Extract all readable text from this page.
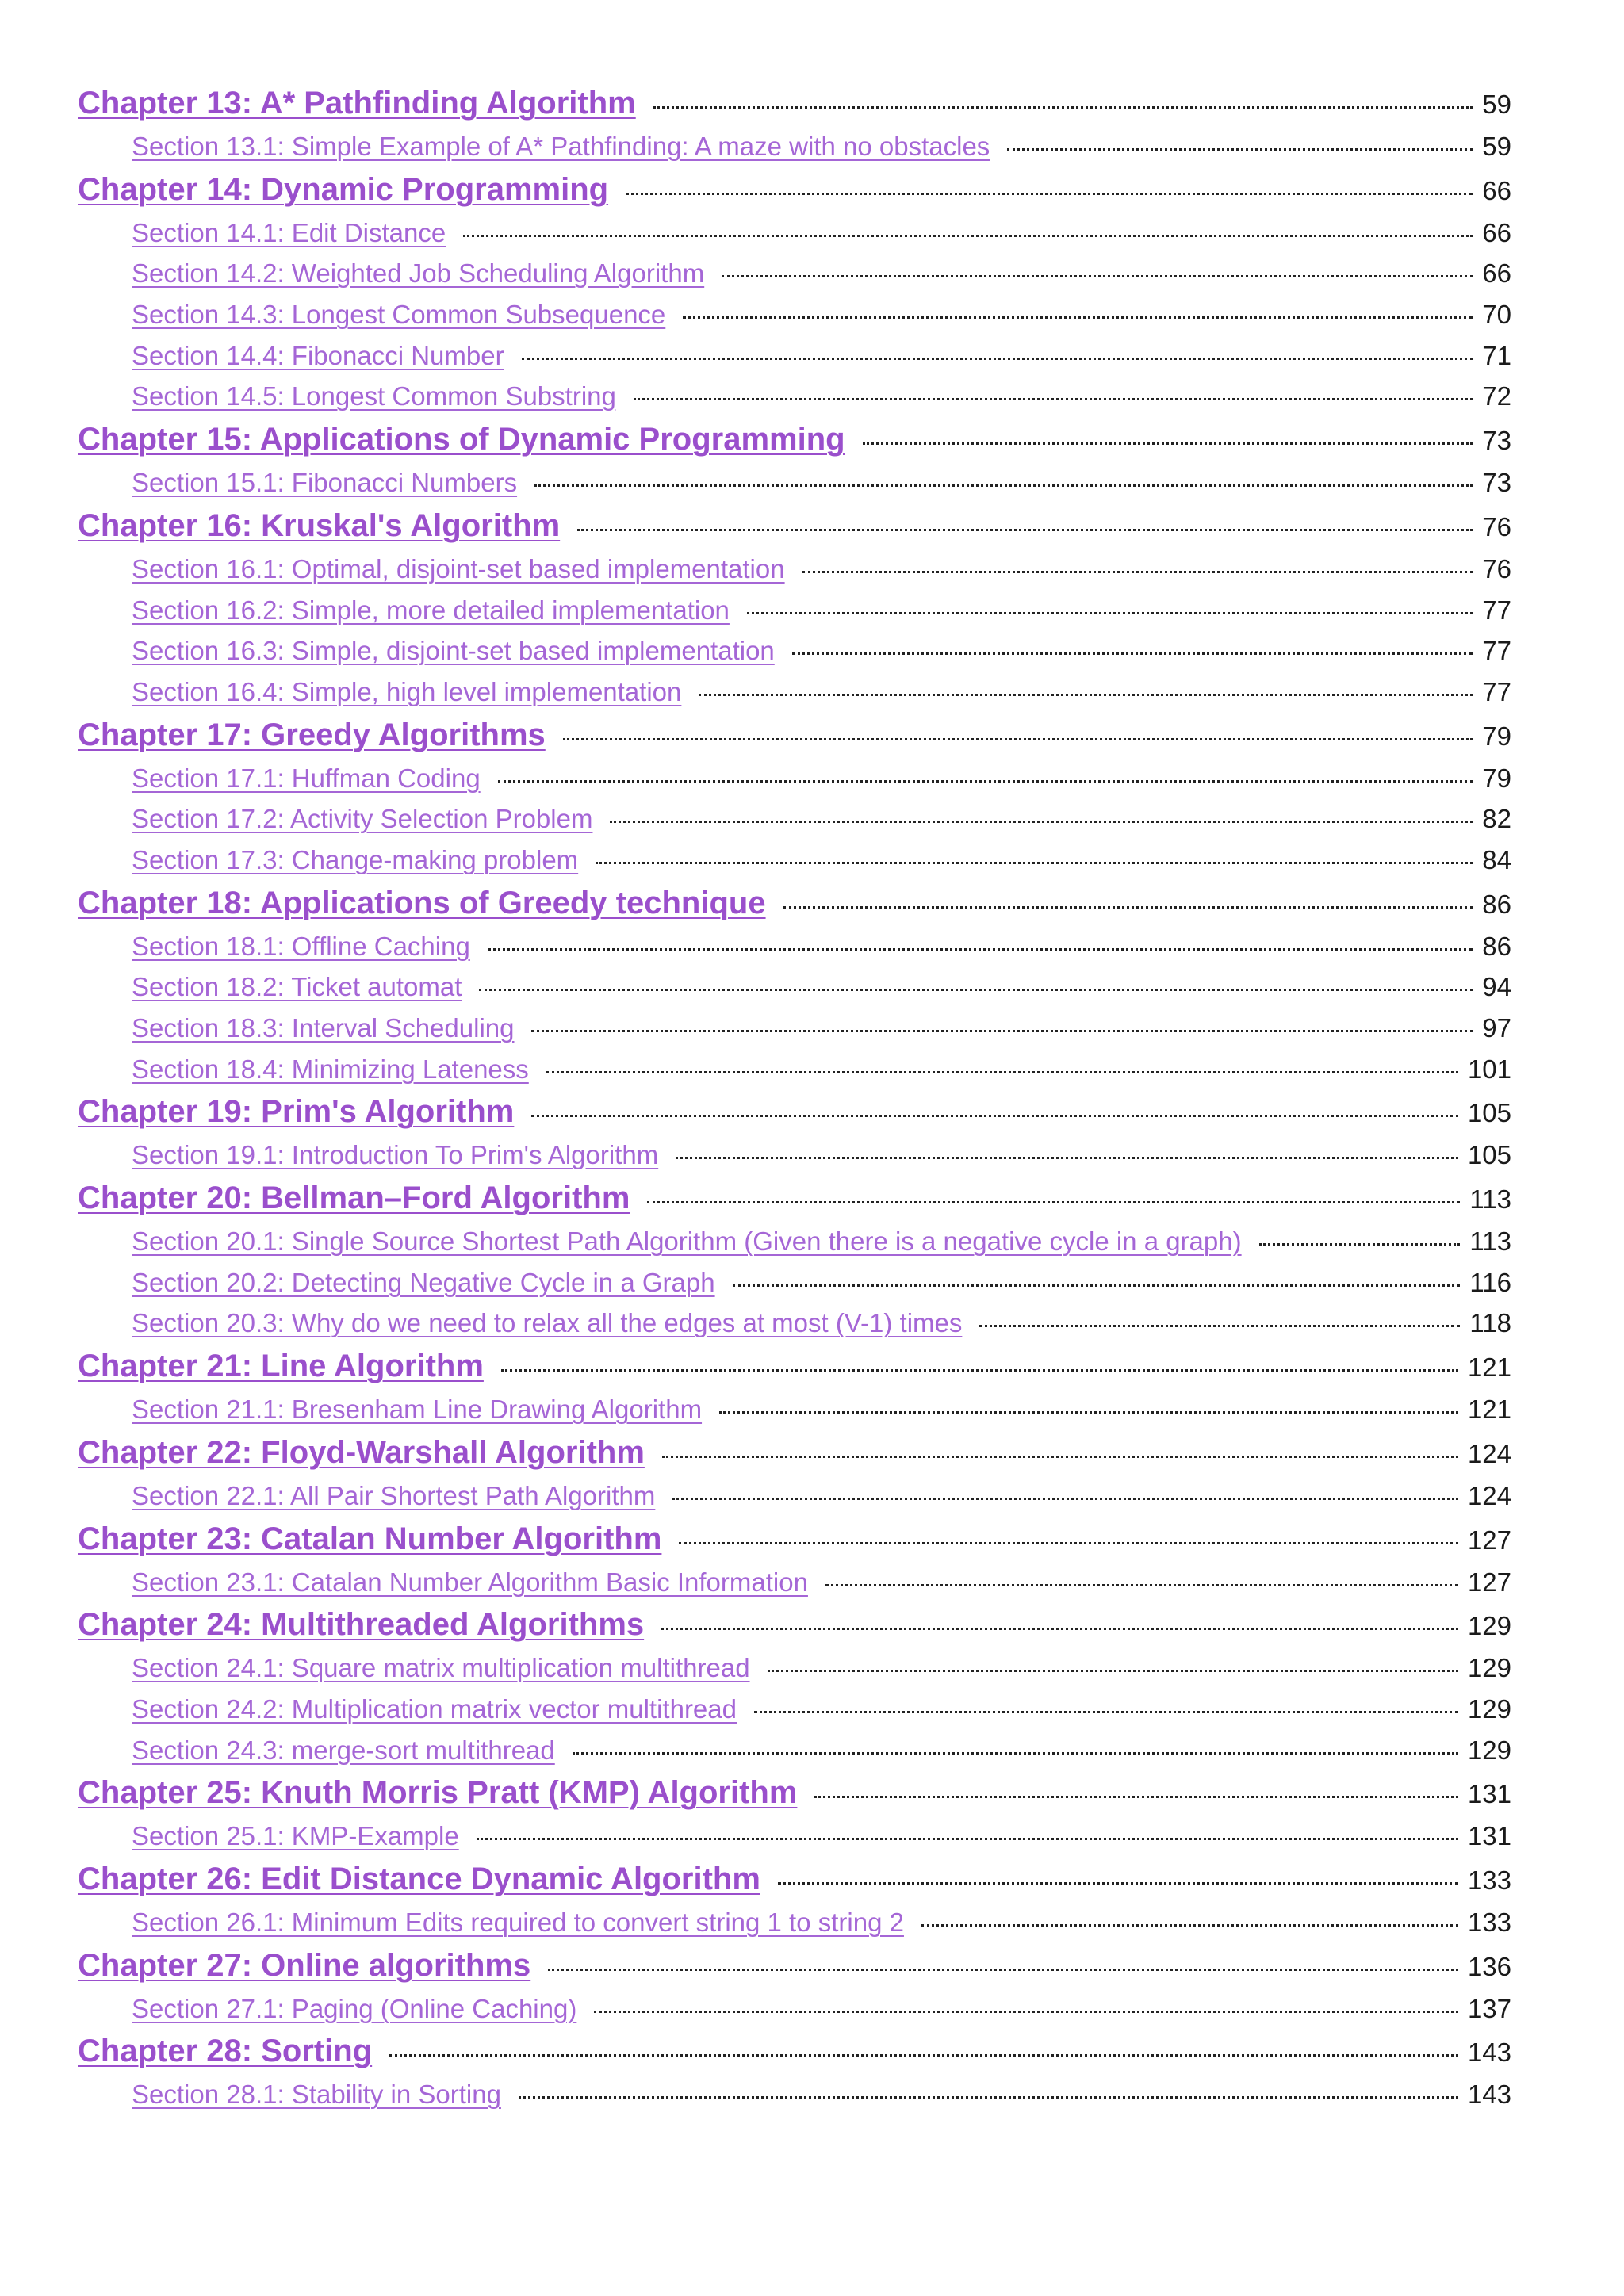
Chapter 13: A* Pathfinding Algorithm	59
Section 13.1: Simple Example of A* Pathfinding: A maze with no obstacles	59
Chapter 14: Dynamic Programming	66
Section 14.1: Edit Distance	66
Section 14.2: Weighted Job Scheduling Algorithm	66
Section 14.3: Longest Common Subsequence	70
Section 14.4: Fibonacci Number	71
Section 14.5: Longest Common Substring	72
Chapter 15: Applications of Dynamic Programming	73
Section 15.1: Fibonacci Numbers	73
Chapter 16: Kruskal's Algorithm	76
Section 16.1: Optimal, disjoint-set based implementation	76
Section 16.2: Simple, more detailed implementation	77
Section 16.3: Simple, disjoint-set based implementation	77
Section 16.4: Simple, high level implementation	77
Chapter 17: Greedy Algorithms	79
Section 17.1: Huffman Coding	79
Section 17.2: Activity Selection Problem	82
Section 17.3: Change-making problem	84
Chapter 18: Applications of Greedy technique	86
Section 18.1: Offline Caching	86
Section 18.2: Ticket automat	94
Section 18.3: Interval Scheduling	97
Section 18.4: Minimizing Lateness	101
Chapter 19: Prim's Algorithm	105
Section 19.1: Introduction To Prim's Algorithm	105
Chapter 20: Bellman–Ford Algorithm	113
Section 20.1: Single Source Shortest Path Algorithm (Given there is a negative cycle in a graph)	113
Section 20.2: Detecting Negative Cycle in a Graph	116
Section 20.3: Why do we need to relax all the edges at most (V-1) times	118
Chapter 21: Line Algorithm	121
Section 21.1: Bresenham Line Drawing Algorithm	121
Chapter 22: Floyd-Warshall Algorithm	124
Section 22.1: All Pair Shortest Path Algorithm	124
Chapter 23: Catalan Number Algorithm	127
Section 23.1: Catalan Number Algorithm Basic Information	127
Chapter 24: Multithreaded Algorithms	129
Section 24.1: Square matrix multiplication multithread	129
Section 24.2: Multiplication matrix vector multithread	129
Section 24.3: merge-sort multithread	129
Chapter 25: Knuth Morris Pratt (KMP) Algorithm	131
Section 25.1: KMP-Example	131
Chapter 26: Edit Distance Dynamic Algorithm	133
Section 26.1: Minimum Edits required to convert string 1 to string 2	133
Chapter 27: Online algorithms	136
Section 27.1: Paging (Online Caching)	137
Chapter 28: Sorting	143
Section 28.1: Stability in Sorting	143
